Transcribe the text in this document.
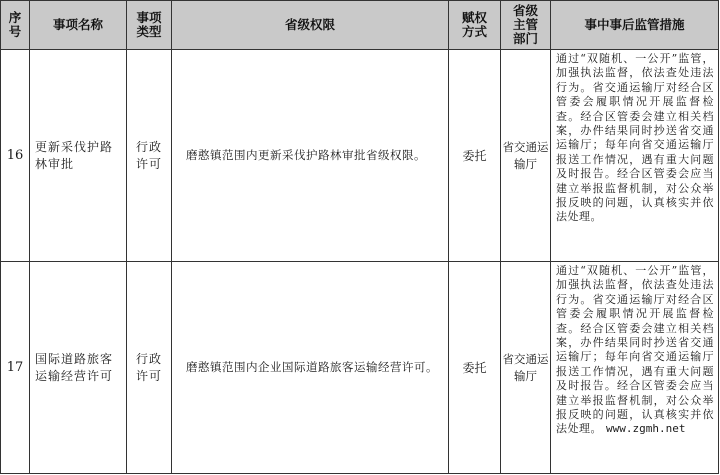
序号	事项名称	事项类型	省级权限	赋权方式	省级主管部门	事中事后监管措施
16	更新采伐护路林审批	行政许可	磨憨镇范围内更新采伐护路林审批省级权限。	委托	省交通运输厅	通过“双随机、一公开”监管，加强执法监督，依法查处违法行为。省交通运输厅对经合区管委会履职情况开展监督检查。经合区管委会建立相关档案，办件结果同时抄送省交通运输厅；每年向省交通运输厅报送工作情况，遇有重大问题及时报告。经合区管委会应当建立举报监督机制，对公众举报反映的问题，认真核实并依法处理。
17	国际道路旅客运输经营许可	行政许可	磨憨镇范围内企业国际道路旅客运输经营许可。	委托	省交通运输厅	通过“双随机、一公开”监管，加强执法监督，依法查处违法行为。省交通运输厅对经合区管委会履职情况开展监督检查。经合区管委会建立相关档案，办件结果同时抄送省交通运输厅；每年向省交通运输厅报送工作情况，遇有重大问题及时报告。经合区管委会应当建立举报监督机制，对公众举报反映的问题，认真核实并依法处理。 www.zgmh.net
